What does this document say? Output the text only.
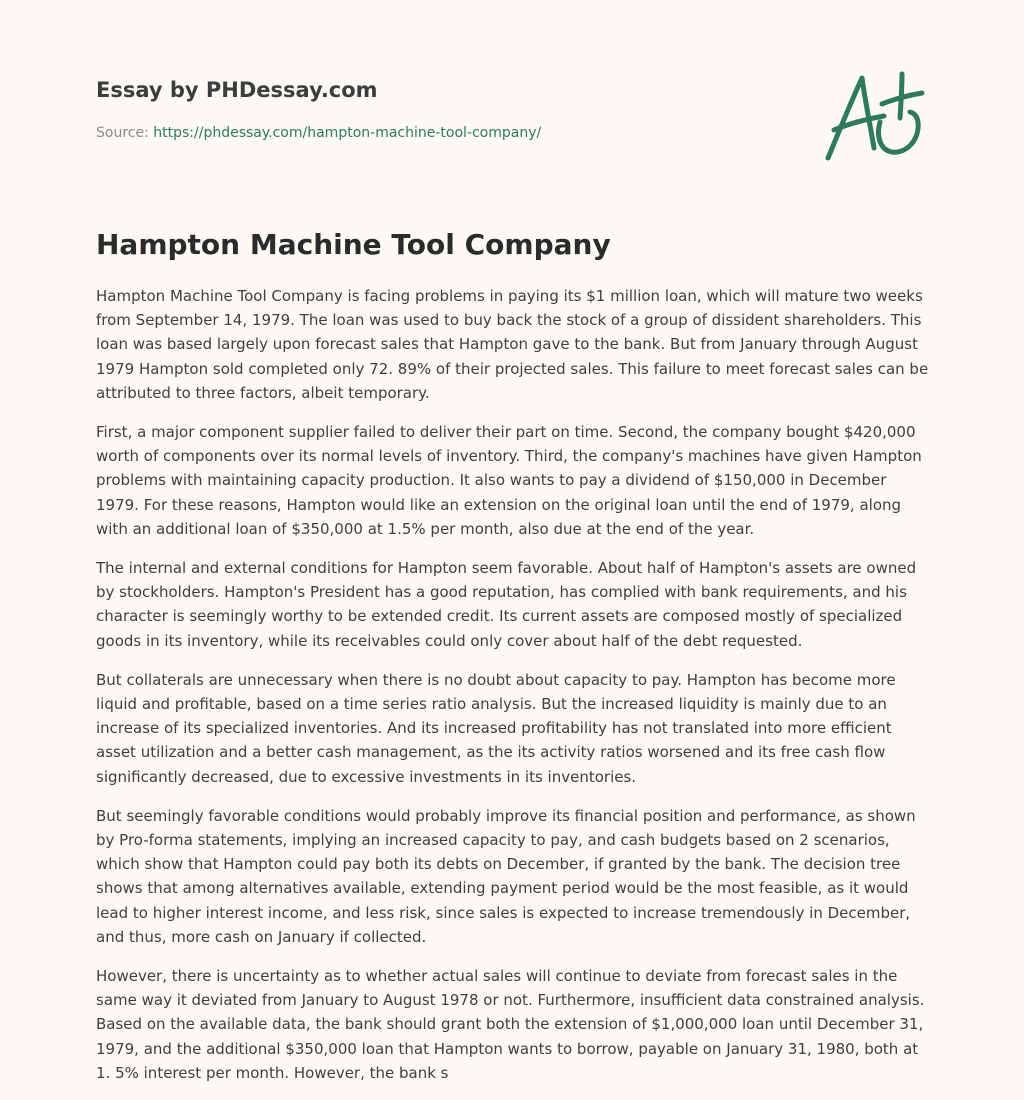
Essay by PHDessay.com
Source: https://phdessay.com/hampton-machine-tool-company/
Hampton Machine Tool Company

Hampton Machine Tool Company is facing problems in paying its $1 million loan, which will mature two weeks from September 14, 1979. The loan was used to buy back the stock of a group of dissident shareholders. This loan was based largely upon forecast sales that Hampton gave to the bank. But from January through August 1979 Hampton sold completed only 72. 89% of their projected sales. This failure to meet forecast sales can be attributed to three factors, albeit temporary.

First, a major component supplier failed to deliver their part on time. Second, the company bought $420,000 worth of components over its normal levels of inventory. Third, the company's machines have given Hampton problems with maintaining capacity production. It also wants to pay a dividend of $150,000 in December 1979. For these reasons, Hampton would like an extension on the original loan until the end of 1979, along with an additional loan of $350,000 at 1.5% per month, also due at the end of the year.

The internal and external conditions for Hampton seem favorable. About half of Hampton's assets are owned by stockholders. Hampton's President has a good reputation, has complied with bank requirements, and his character is seemingly worthy to be extended credit. Its current assets are composed mostly of specialized goods in its inventory, while its receivables could only cover about half of the debt requested.

But collaterals are unnecessary when there is no doubt about capacity to pay. Hampton has become more liquid and profitable, based on a time series ratio analysis. But the increased liquidity is mainly due to an increase of its specialized inventories. And its increased profitability has not translated into more efficient asset utilization and a better cash management, as the its activity ratios worsened and its free cash flow significantly decreased, due to excessive investments in its inventories.

But seemingly favorable conditions would probably improve its financial position and performance, as shown by Pro-forma statements, implying an increased capacity to pay, and cash budgets based on 2 scenarios, which show that Hampton could pay both its debts on December, if granted by the bank. The decision tree shows that among alternatives available, extending payment period would be the most feasible, as it would lead to higher interest income, and less risk, since sales is expected to increase tremendously in December, and thus, more cash on January if collected.

However, there is uncertainty as to whether actual sales will continue to deviate from forecast sales in the same way it deviated from January to August 1978 or not. Furthermore, insufficient data constrained analysis. Based on the available data, the bank should grant both the extension of $1,000,000 loan until December 31, 1979, and the additional $350,000 loan that Hampton wants to borrow, payable on January 31, 1980, both at 1. 5% interest per month. However, the bank s
